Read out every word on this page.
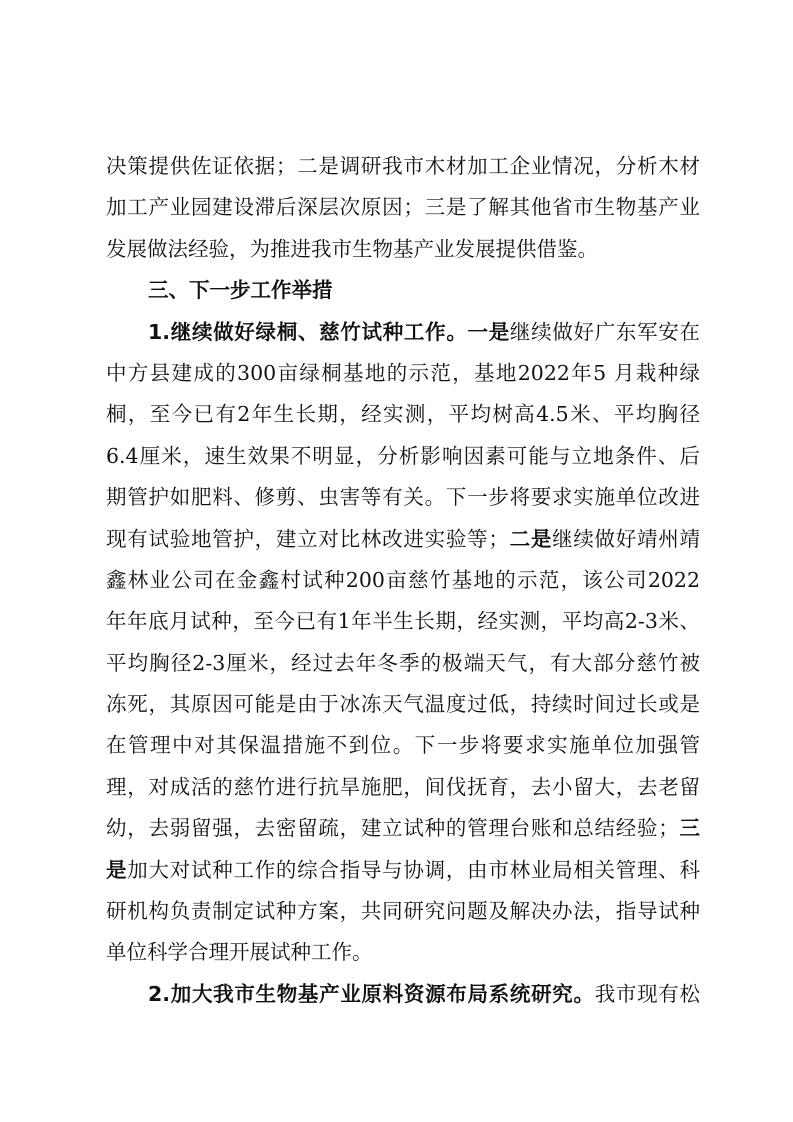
决策提供佐证依据；二是调研我市木材加工企业情况，分析木材
加工产业园建设滞后深层次原因；三是了解其他省市生物基产业
发展做法经验，为推进我市生物基产业发展提供借鉴。
三、下一步工作举措
1.继续做好绿桐、慈竹试种工作。一是继续做好广东军安在
中方县建成的300亩绿桐基地的示范，基地2022年5 月栽种绿
桐，至今已有2年生长期，经实测，平均树高4.5米、平均胸径
6.4厘米，速生效果不明显，分析影响因素可能与立地条件、后
期管护如肥料、修剪、虫害等有关。下一步将要求实施单位改进
现有试验地管护，建立对比林改进实验等；二是继续做好靖州靖
鑫林业公司在金鑫村试种200亩慈竹基地的示范，该公司2022
年年底月试种，至今已有1年半生长期，经实测，平均高2-3米、
平均胸径2-3厘米，经过去年冬季的极端天气，有大部分慈竹被
冻死，其原因可能是由于冰冻天气温度过低，持续时间过长或是
在管理中对其保温措施不到位。下一步将要求实施单位加强管
理，对成活的慈竹进行抗旱施肥，间伐抚育，去小留大，去老留
幼，去弱留强，去密留疏，建立试种的管理台账和总结经验；三
是加大对试种工作的综合指导与协调，由市林业局相关管理、科
研机构负责制定试种方案，共同研究问题及解决办法，指导试种
单位科学合理开展试种工作。
2.加大我市生物基产业原料资源布局系统研究。我市现有松
